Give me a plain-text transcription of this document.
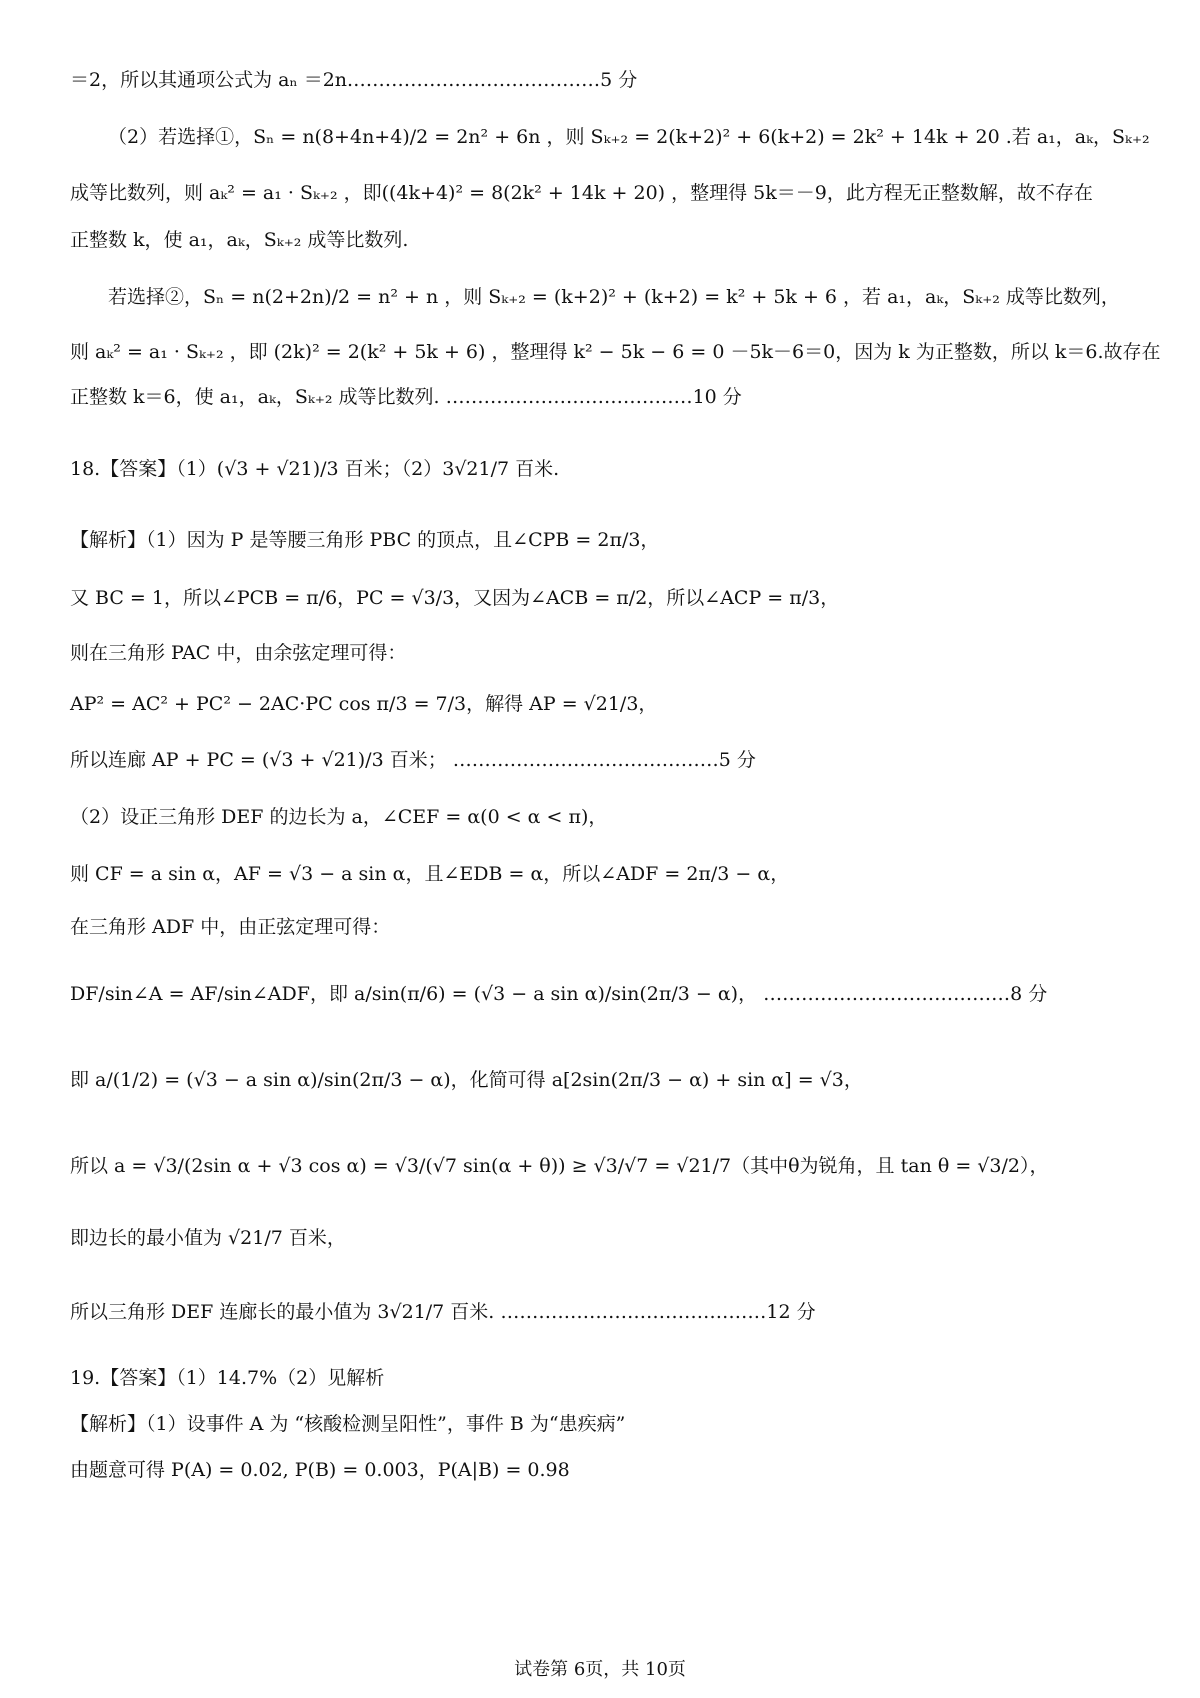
＝2，所以其通项公式为 aₙ ＝2n.…………………………………5 分
（2）若选择①，Sₙ = n(8+4n+4)/2 = 2n² + 6n ，则 Sₖ₊₂ = 2(k+2)² + 6(k+2) = 2k² + 14k + 20 .若 a₁，aₖ，Sₖ₊₂
成等比数列，则 aₖ² = a₁ · Sₖ₊₂ ，即((4k+4)² = 8(2k² + 14k + 20) ，整理得 5k＝－9，此方程无正整数解，故不存在
正整数 k，使 a₁，aₖ，Sₖ₊₂ 成等比数列.
若选择②，Sₙ = n(2+2n)/2 = n² + n ，则 Sₖ₊₂ = (k+2)² + (k+2) = k² + 5k + 6 ，若 a₁，aₖ，Sₖ₊₂ 成等比数列，
则 aₖ² = a₁ · Sₖ₊₂ ，即 (2k)² = 2(k² + 5k + 6) ，整理得 k² − 5k − 6 = 0 －5k－6＝0，因为 k 为正整数，所以 k＝6.故存在
正整数 k＝6，使 a₁，aₖ，Sₖ₊₂ 成等比数列. …………………………………10 分
18.【答案】（1）(√3 + √21)/3 百米；（2）3√21/7 百米.
【解析】（1）因为 P 是等腰三角形 PBC 的顶点，且∠CPB = 2π/3，
又 BC = 1，所以∠PCB = π/6，PC = √3/3，又因为∠ACB = π/2，所以∠ACP = π/3，
则在三角形 PAC 中，由余弦定理可得：
AP² = AC² + PC² − 2AC·PC cos π/3 = 7/3，解得 AP = √21/3，
所以连廊 AP + PC = (√3 + √21)/3 百米； ……………………………………5 分
（2）设正三角形 DEF 的边长为 a，∠CEF = α(0 < α < π)，
则 CF = a sin α，AF = √3 − a sin α，且∠EDB = α，所以∠ADF = 2π/3 − α，
在三角形 ADF 中，由正弦定理可得：
DF/sin∠A = AF/sin∠ADF，即 a/sin(π/6) = (√3 − a sin α)/sin(2π/3 − α)， …………………………………8 分
即 a/(1/2) = (√3 − a sin α)/sin(2π/3 − α)，化简可得 a[2sin(2π/3 − α) + sin α] = √3，
所以 a = √3/(2sin α + √3 cos α) = √3/(√7 sin(α + θ)) ≥ √3/√7 = √21/7（其中θ为锐角，且 tan θ = √3/2），
即边长的最小值为 √21/7 百米，
所以三角形 DEF 连廊长的最小值为 3√21/7 百米. ……………………………………12 分
19.【答案】（1）14.7%（2）见解析
【解析】（1）设事件 A 为 “核酸检测呈阳性”，事件 B 为“患疾病”
由题意可得 P(A) = 0.02, P(B) = 0.003，P(A|B) = 0.98
试卷第 6页，共 10页
